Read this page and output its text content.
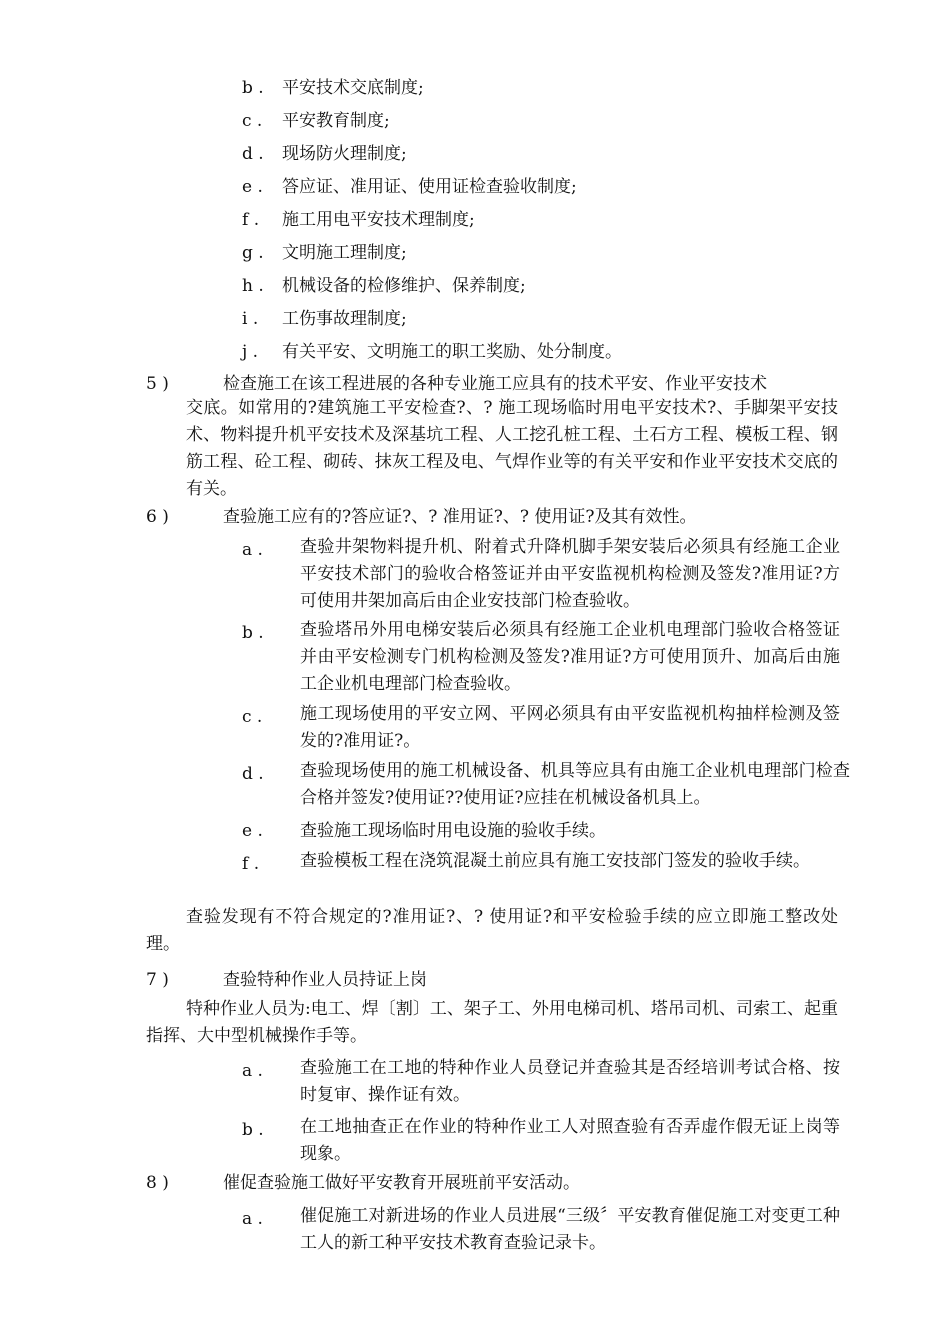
b . 平安技术交底制度;
c . 平安教育制度;
d . 现场防火理制度;
e . 答应证、准用证、使用证检查验收制度;
f . 施工用电平安技术理制度;
g . 文明施工理制度;
h . 机械设备的检修维护、保养制度;
i . 工伤事故理制度;
j . 有关平安、文明施工的职工奖励、处分制度。
5 )	检查施工在该工程进展的各种专业施工应具有的技术平安、作业平安技术
交底。如常用的?建筑施工平安检查?、? 施工现场临时用电平安技术?、手脚架平安技术、物料提升机平安技术及深基坑工程、人工挖孔桩工程、土石方工程、模板工程、钢筋工程、砼工程、砌砖、抹灰工程及电、气焊作业等的有关平安和作业平安技术交底的有关。
6 )	查验施工应有的?答应证?、? 准用证?、? 使用证?及其有效性。
a . 查验井架物料提升机、附着式升降机脚手架安装后必须具有经施工企业平安技术部门的验收合格签证并由平安监视机构检测及签发?准用证?方可使用井架加高后由企业安技部门检查验收。
b . 查验塔吊外用电梯安装后必须具有经施工企业机电理部门验收合格签证并由平安检测专门机构检测及签发?准用证?方可使用顶升、加高后由施工企业机电理部门检查验收。
c . 施工现场使用的平安立网、平网必须具有由平安监视机构抽样检测及签发的?准用证?。
d . 查验现场使用的施工机械设备、机具等应具有由施工企业机电理部门检查合格并签发?使用证??使用证?应挂在机械设备机具上。
e . 查验施工现场临时用电设施的验收手续。
f . 查验模板工程在浇筑混凝土前应具有施工安技部门签发的验收手续。
查验发现有不符合规定的?准用证?、? 使用证?和平安检验手续的应立即施工整改处理。
7 )	查验特种作业人员持证上岗
特种作业人员为:电工、焊〔割〕工、架子工、外用电梯司机、塔吊司机、司索工、起重指挥、大中型机械操作手等。
a . 查验施工在工地的特种作业人员登记并查验其是否经培训考试合格、按时复审、操作证有效。
b . 在工地抽查正在作业的特种作业工人对照查验有否弄虚作假无证上岗等现象。
8 )	催促查验施工做好平安教育开展班前平安活动。
a . 催促施工对新进场的作业人员进展“三级〞平安教育催促施工对变更工种工人的新工种平安技术教育查验记录卡。
